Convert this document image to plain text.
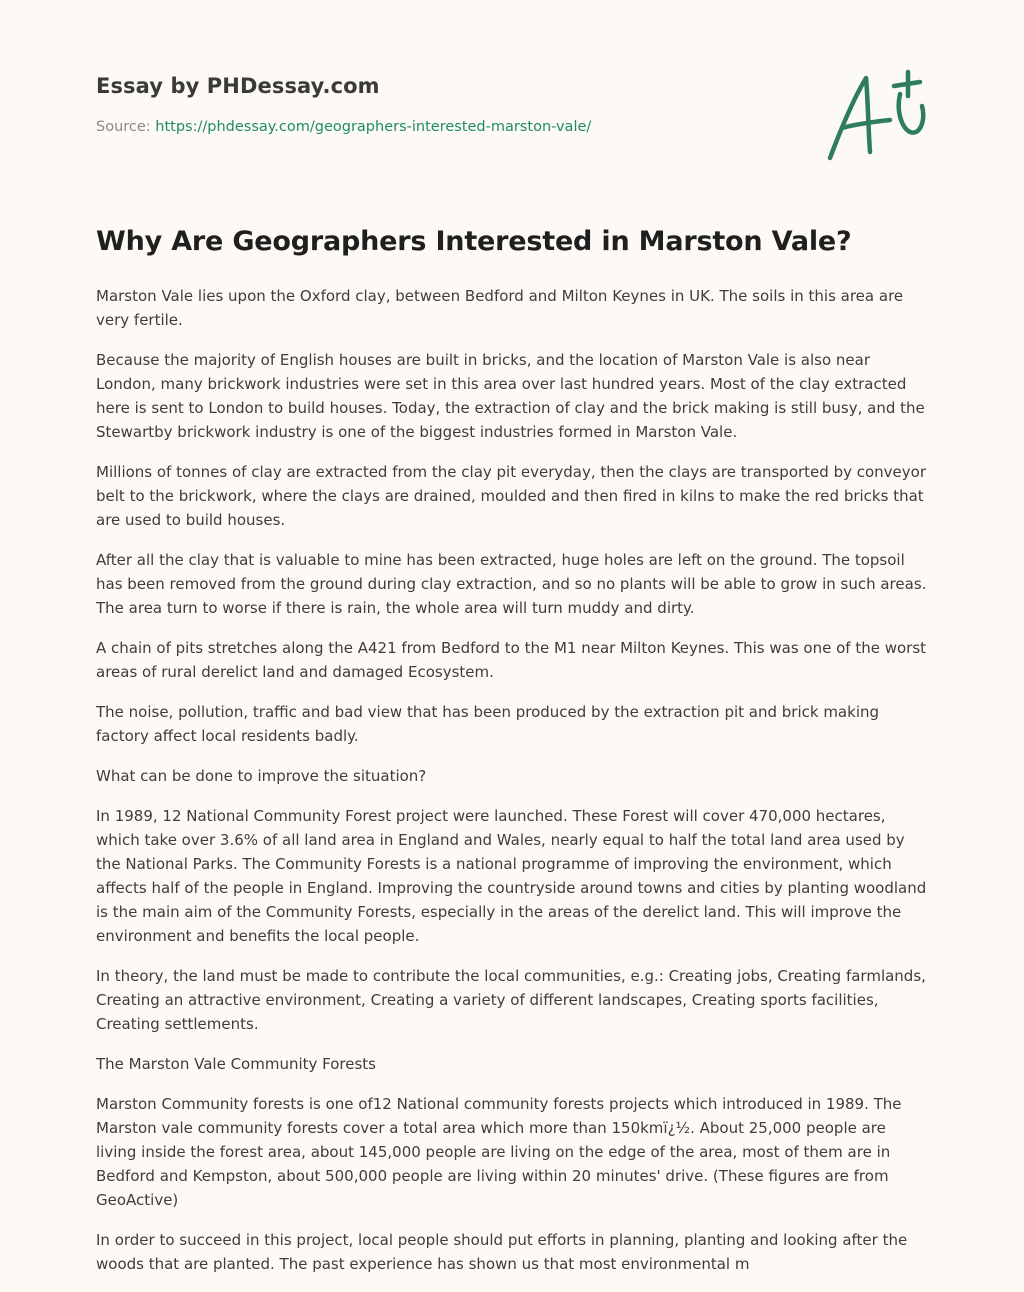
Essay by PHDessay.com
Source: https://phdessay.com/geographers-interested-marston-vale/
Why Are Geographers Interested in Marston Vale?

Marston Vale lies upon the Oxford clay, between Bedford and Milton Keynes in UK. The soils in this area are very fertile.

Because the majority of English houses are built in bricks, and the location of Marston Vale is also near London, many brickwork industries were set in this area over last hundred years. Most of the clay extracted here is sent to London to build houses. Today, the extraction of clay and the brick making is still busy, and the Stewartby brickwork industry is one of the biggest industries formed in Marston Vale.

Millions of tonnes of clay are extracted from the clay pit everyday, then the clays are transported by conveyor belt to the brickwork, where the clays are drained, moulded and then fired in kilns to make the red bricks that are used to build houses.

After all the clay that is valuable to mine has been extracted, huge holes are left on the ground. The topsoil has been removed from the ground during clay extraction, and so no plants will be able to grow in such areas. The area turn to worse if there is rain, the whole area will turn muddy and dirty.

A chain of pits stretches along the A421 from Bedford to the M1 near Milton Keynes. This was one of the worst areas of rural derelict land and damaged Ecosystem.

The noise, pollution, traffic and bad view that has been produced by the extraction pit and brick making factory affect local residents badly.

What can be done to improve the situation?

In 1989, 12 National Community Forest project were launched. These Forest will cover 470,000 hectares, which take over 3.6% of all land area in England and Wales, nearly equal to half the total land area used by the National Parks. The Community Forests is a national programme of improving the environment, which affects half of the people in England. Improving the countryside around towns and cities by planting woodland is the main aim of the Community Forests, especially in the areas of the derelict land. This will improve the environment and benefits the local people.

In theory, the land must be made to contribute the local communities, e.g.: Creating jobs, Creating farmlands, Creating an attractive environment, Creating a variety of different landscapes, Creating sports facilities, Creating settlements.

The Marston Vale Community Forests

Marston Community forests is one of12 National community forests projects which introduced in 1989. The Marston vale community forests cover a total area which more than 150kmï¿½. About 25,000 people are living inside the forest area, about 145,000 people are living on the edge of the area, most of them are in Bedford and Kempston, about 500,000 people are living within 20 minutes' drive. (These figures are from GeoActive)

In order to succeed in this project, local people should put efforts in planning, planting and looking after the woods that are planted. The past experience has shown us that most environmental m
